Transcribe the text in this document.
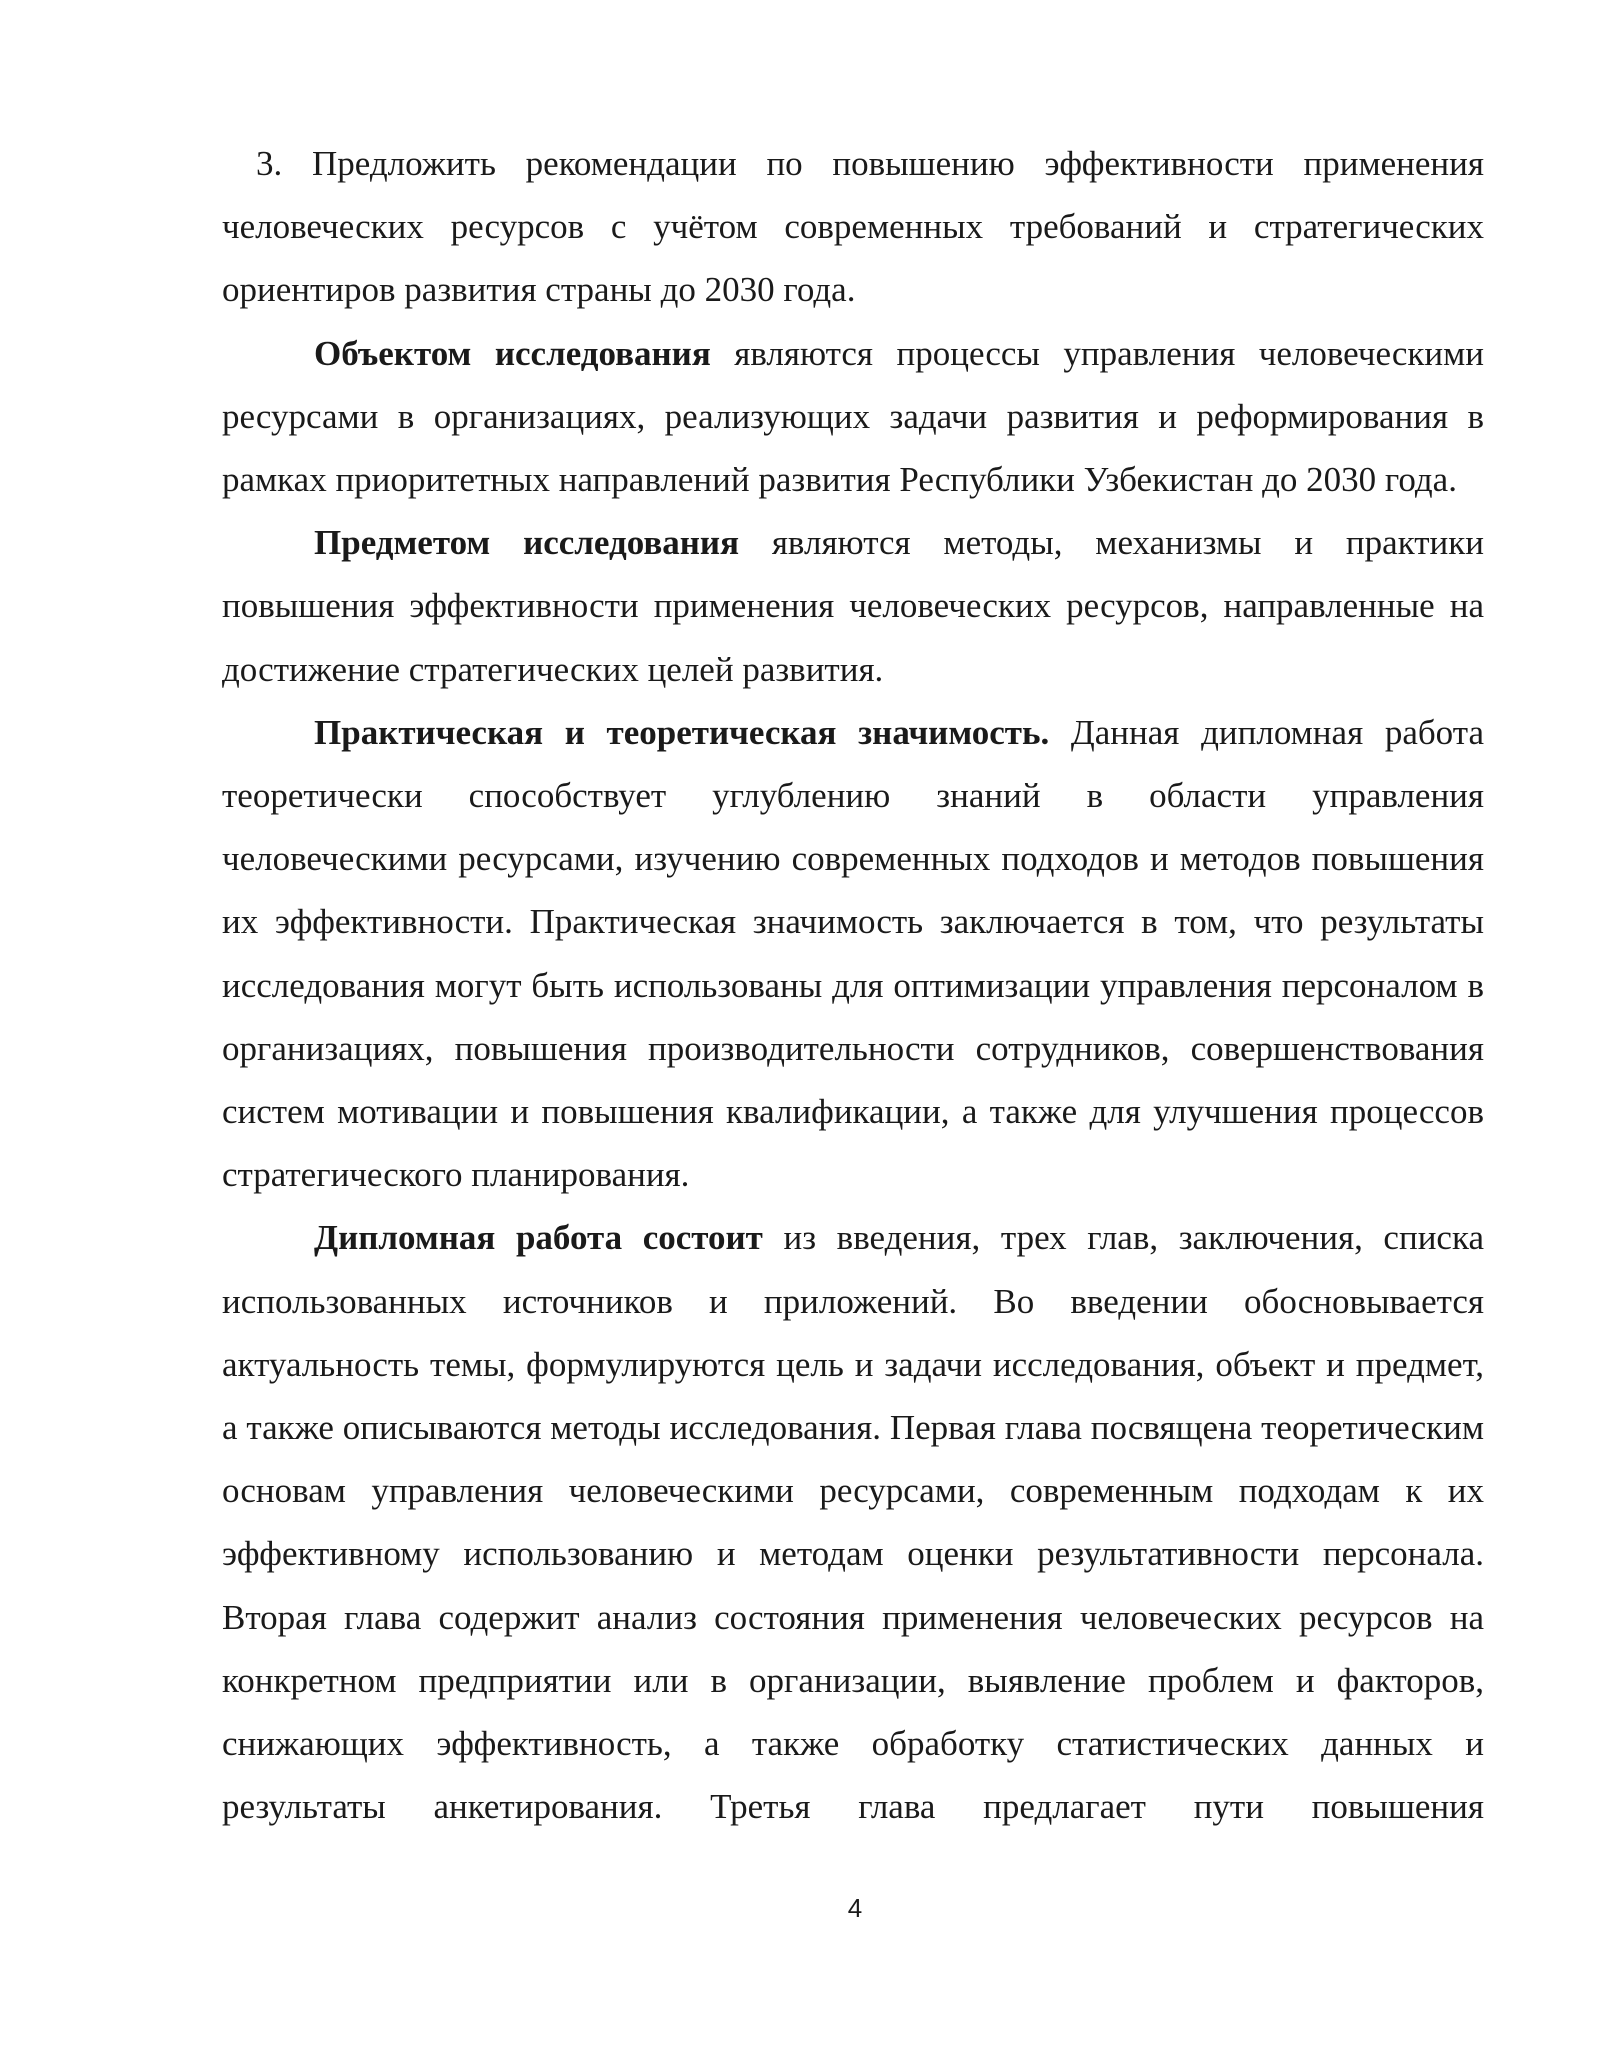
3. Предложить рекомендации по повышению эффективности применения человеческих ресурсов с учётом современных требований и стратегических ориентиров развития страны до 2030 года.

Объектом исследования являются процессы управления человеческими ресурсами в организациях, реализующих задачи развития и реформирования в рамках приоритетных направлений развития Республики Узбекистан до 2030 года.

Предметом исследования являются методы, механизмы и практики повышения эффективности применения человеческих ресурсов, направленные на достижение стратегических целей развития.

Практическая и теоретическая значимость. Данная дипломная работа теоретически способствует углублению знаний в области управления человеческими ресурсами, изучению современных подходов и методов повышения их эффективности. Практическая значимость заключается в том, что результаты исследования могут быть использованы для оптимизации управления персоналом в организациях, повышения производительности сотрудников, совершенствования систем мотивации и повышения квалификации, а также для улучшения процессов стратегического планирования.

Дипломная работа состоит из введения, трех глав, заключения, списка использованных источников и приложений. Во введении обосновывается актуальность темы, формулируются цель и задачи исследования, объект и предмет, а также описываются методы исследования. Первая глава посвящена теоретическим основам управления человеческими ресурсами, современным подходам к их эффективному использованию и методам оценки результативности персонала. Вторая глава содержит анализ состояния применения человеческих ресурсов на конкретном предприятии или в организации, выявление проблем и факторов, снижающих эффективность, а также обработку статистических данных и результаты анкетирования. Третья глава предлагает пути повышения

4
